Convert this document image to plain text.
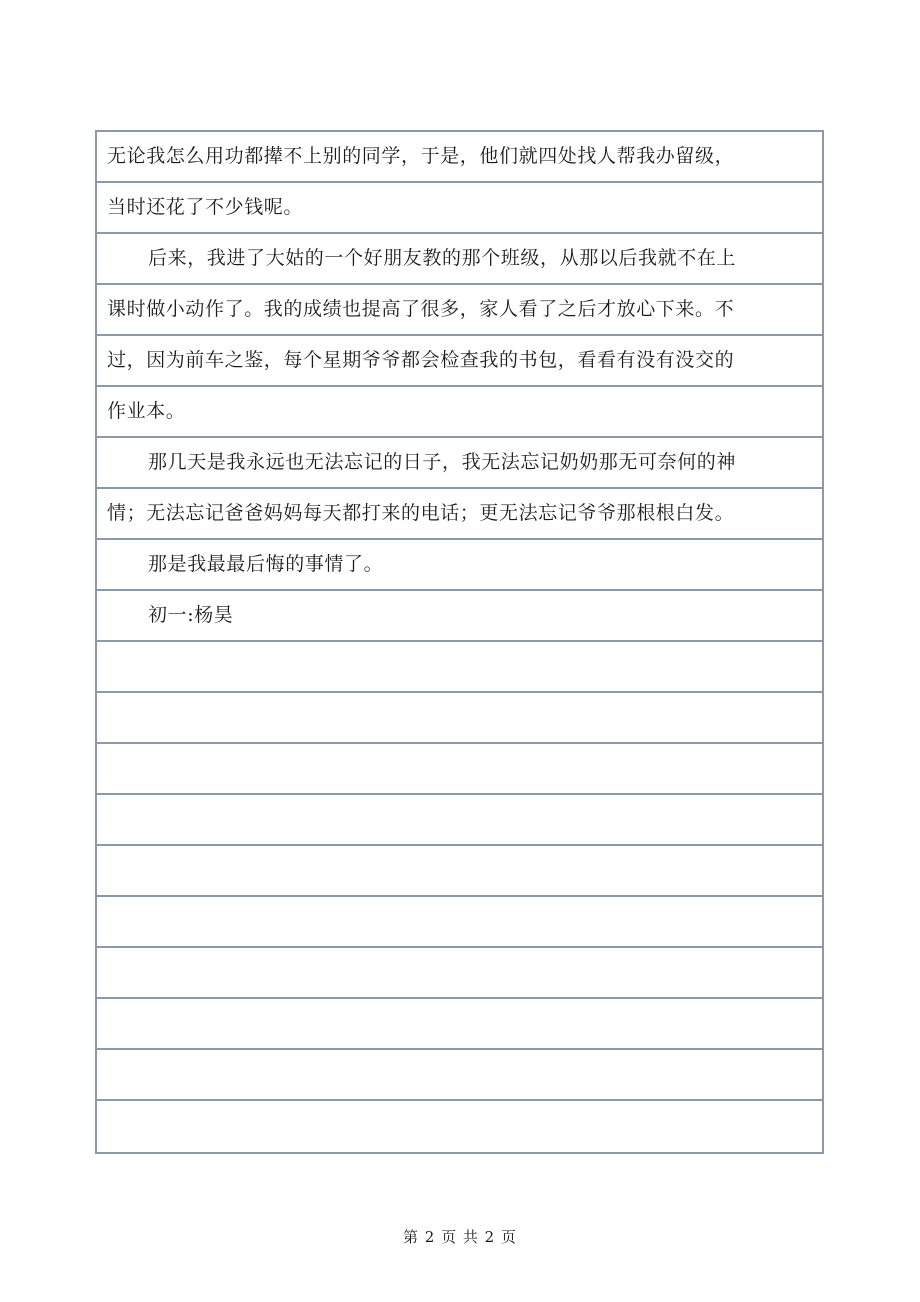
无论我怎么用功都撵不上别的同学，于是，他们就四处找人帮我办留级，
当时还花了不少钱呢。
后来，我进了大姑的一个好朋友教的那个班级，从那以后我就不在上
课时做小动作了。我的成绩也提高了很多，家人看了之后才放心下来。不
过，因为前车之鉴，每个星期爷爷都会检查我的书包，看看有没有没交的
作业本。
那几天是我永远也无法忘记的日子，我无法忘记奶奶那无可奈何的神
情；无法忘记爸爸妈妈每天都打来的电话；更无法忘记爷爷那根根白发。
那是我最最后悔的事情了。
初一:杨昊
第 2 页 共 2 页
